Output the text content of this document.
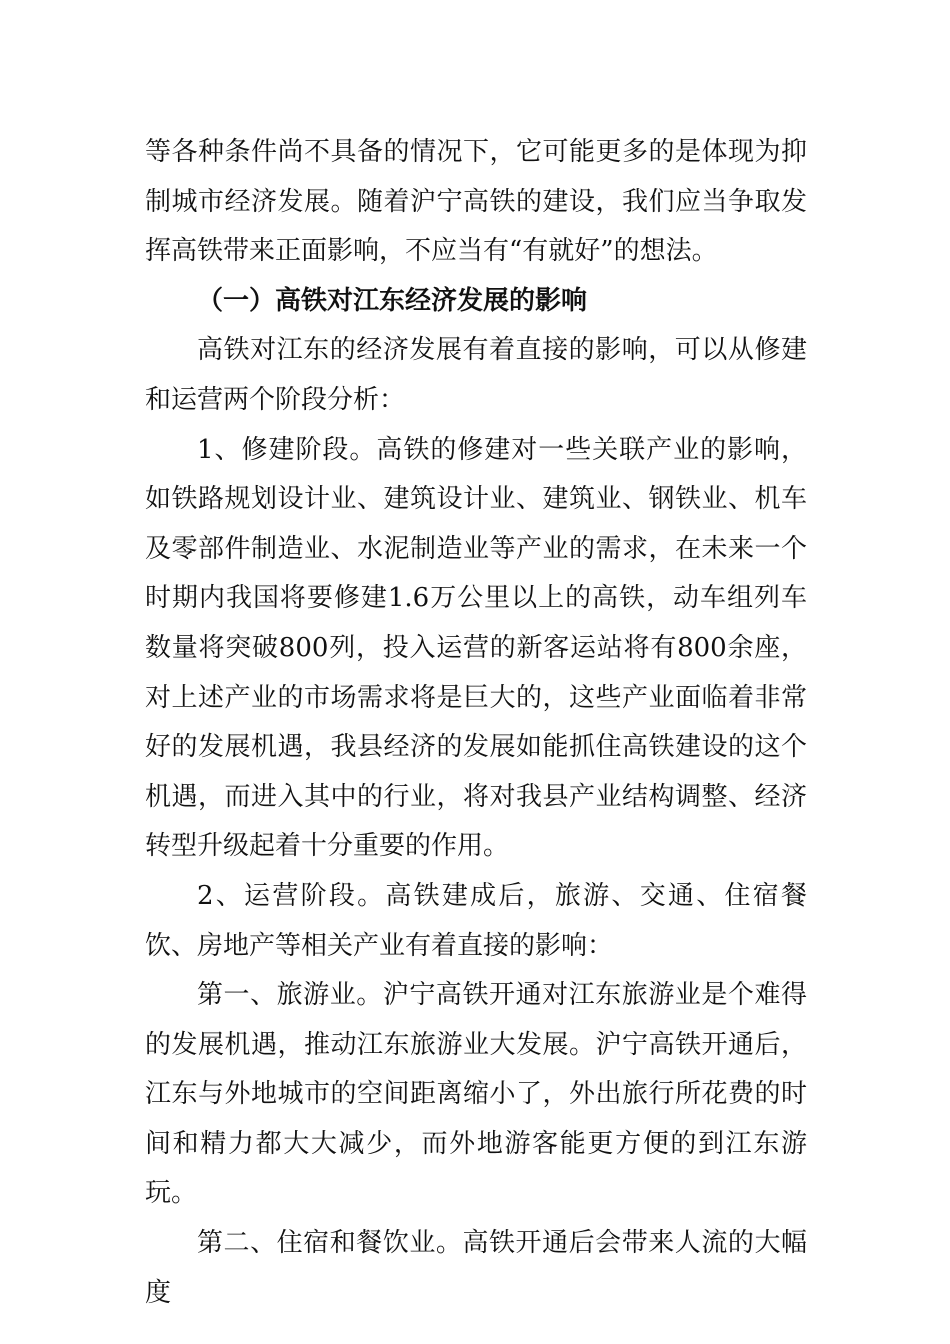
等各种条件尚不具备的情况下，它可能更多的是体现为抑制城市经济发展。随着沪宁高铁的建设，我们应当争取发挥高铁带来正面影响，不应当有“有就好”的想法。

（一）高铁对江东经济发展的影响

高铁对江东的经济发展有着直接的影响，可以从修建和运营两个阶段分析：

1、修建阶段。高铁的修建对一些关联产业的影响，如铁路规划设计业、建筑设计业、建筑业、钢铁业、机车及零部件制造业、水泥制造业等产业的需求，在未来一个时期内我国将要修建1.6万公里以上的高铁，动车组列车数量将突破800列，投入运营的新客运站将有800余座，对上述产业的市场需求将是巨大的，这些产业面临着非常好的发展机遇，我县经济的发展如能抓住高铁建设的这个机遇，而进入其中的行业，将对我县产业结构调整、经济转型升级起着十分重要的作用。

2、运营阶段。高铁建成后，旅游、交通、住宿餐饮、房地产等相关产业有着直接的影响：

第一、旅游业。沪宁高铁开通对江东旅游业是个难得的发展机遇，推动江东旅游业大发展。沪宁高铁开通后，江东与外地城市的空间距离缩小了，外出旅行所花费的时间和精力都大大减少，而外地游客能更方便的到江东游玩。

第二、住宿和餐饮业。高铁开通后会带来人流的大幅度
